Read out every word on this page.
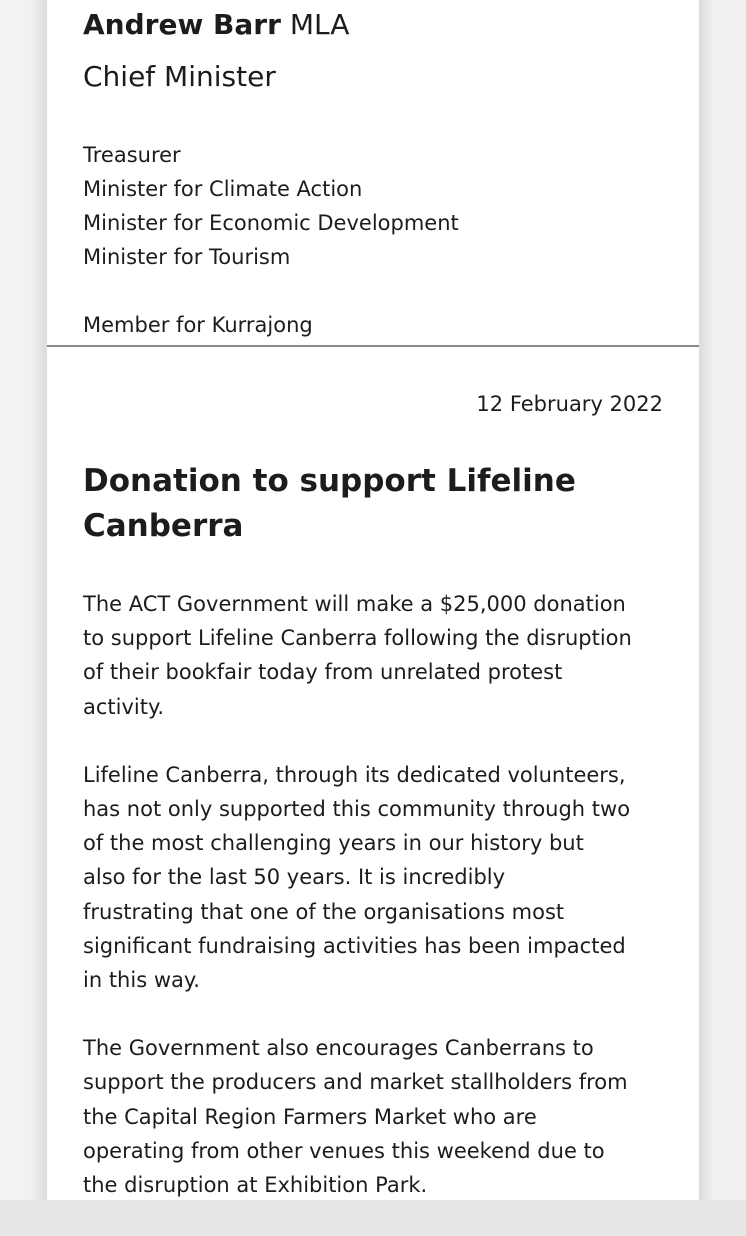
Andrew Barr MLA

Chief Minister

Treasurer
Minister for Climate Action
Minister for Economic Development
Minister for Tourism
Member for Kurrajong
12 February 2022
Donation to support Lifeline
Canberra

The ACT Government will make a $25,000 donation
to support Lifeline Canberra following the disruption
of their bookfair today from unrelated protest
activity.

Lifeline Canberra, through its dedicated volunteers,
has not only supported this community through two
of the most challenging years in our history but
also for the last 50 years. It is incredibly
frustrating that one of the organisations most
significant fundraising activities has been impacted
in this way.

The Government also encourages Canberrans to
support the producers and market stallholders from
the Capital Region Farmers Market who are
operating from other venues this weekend due to
the disruption at Exhibition Park.
